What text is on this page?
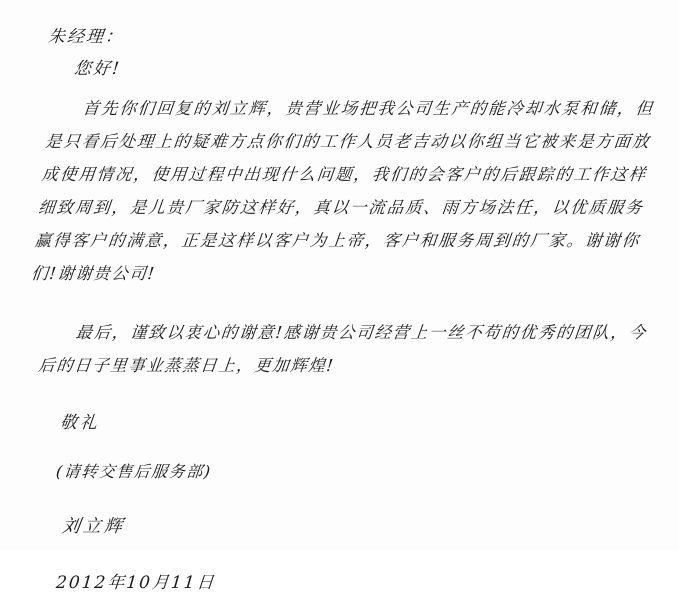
朱经理：
您好!
首先你们回复的刘立辉，贵营业场把我公司生产的能冷却水泵和储，但是只看后处理上的疑难方点你们的工作人员老吉动以你组当它被来是方面放成使用情况，使用过程中出现什么问题，我们的会客户的后跟踪的工作这样细致周到，是儿贵厂家防这样好，真以一流品质、雨方场法任，以优质服务赢得客户的满意，正是这样以客户为上帝，客户和服务周到的厂家。谢谢你们!谢谢贵公司!
最后，谨致以衷心的谢意!感谢贵公司经营上一丝不苟的优秀的团队，今后的日子里事业蒸蒸日上，更加辉煌!
敬礼
(请转交售后服务部)
刘立辉
2012年10月11日
